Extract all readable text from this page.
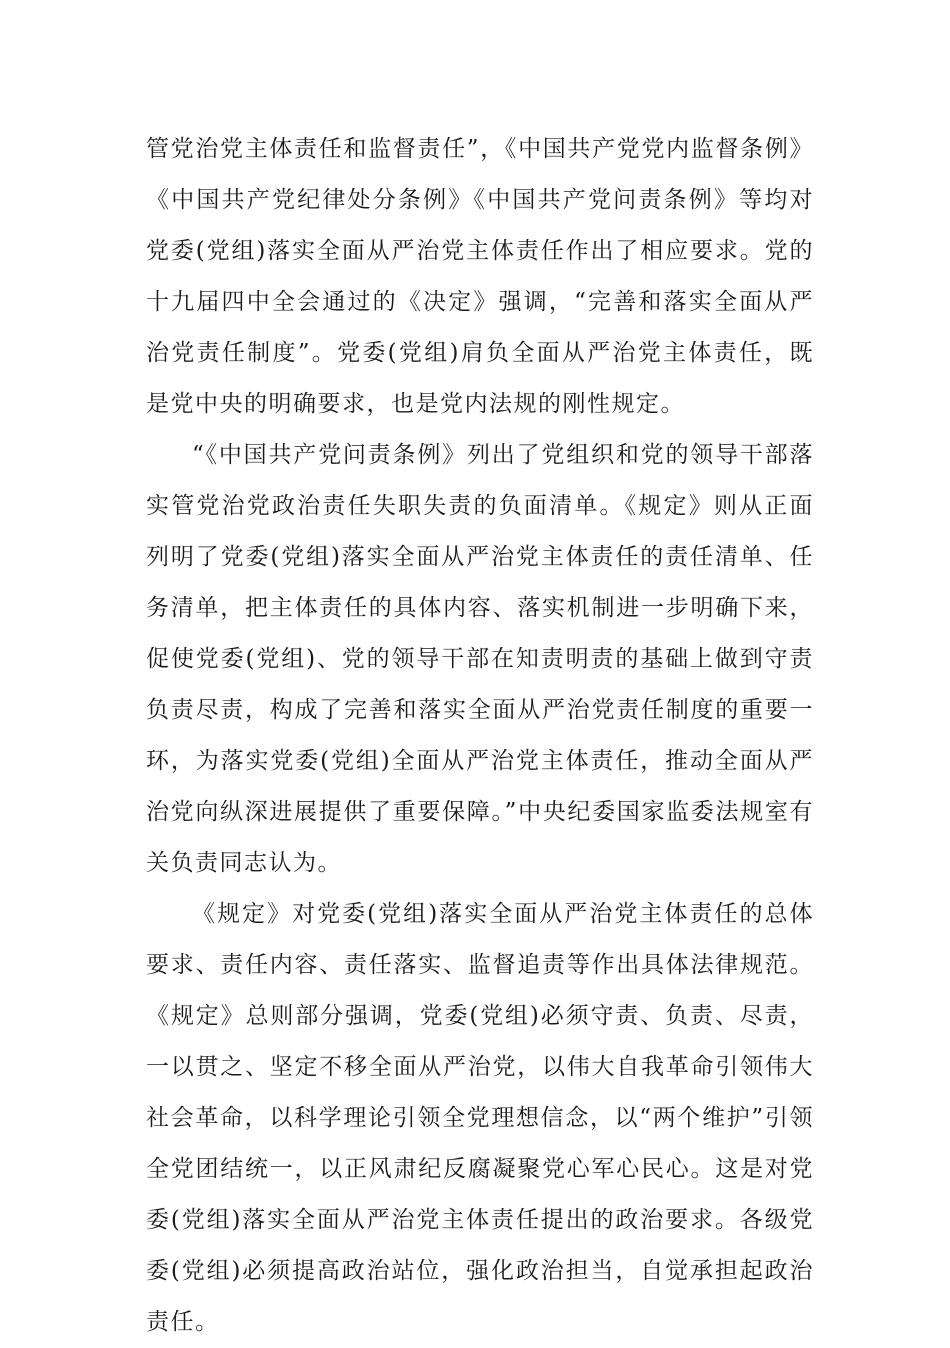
管党治党主体责任和监督责任”，《中国共产党党内监督条例》《中国共产党纪律处分条例》《中国共产党问责条例》等均对党委(党组)落实全面从严治党主体责任作出了相应要求。党的十九届四中全会通过的《决定》强调，“完善和落实全面从严治党责任制度”。党委(党组)肩负全面从严治党主体责任，既是党中央的明确要求，也是党内法规的刚性规定。

“《中国共产党问责条例》列出了党组织和党的领导干部落实管党治党政治责任失职失责的负面清单。《规定》则从正面列明了党委(党组)落实全面从严治党主体责任的责任清单、任务清单，把主体责任的具体内容、落实机制进一步明确下来，促使党委(党组)、党的领导干部在知责明责的基础上做到守责负责尽责，构成了完善和落实全面从严治党责任制度的重要一环，为落实党委(党组)全面从严治党主体责任，推动全面从严治党向纵深进展提供了重要保障。”中央纪委国家监委法规室有关负责同志认为。

《规定》对党委(党组)落实全面从严治党主体责任的总体要求、责任内容、责任落实、监督追责等作出具体法律规范。《规定》总则部分强调，党委(党组)必须守责、负责、尽责，一以贯之、坚定不移全面从严治党，以伟大自我革命引领伟大社会革命，以科学理论引领全党理想信念，以“两个维护”引领全党团结统一，以正风肃纪反腐凝聚党心军心民心。这是对党委(党组)落实全面从严治党主体责任提出的政治要求。各级党委(党组)必须提高政治站位，强化政治担当，自觉承担起政治责任。
